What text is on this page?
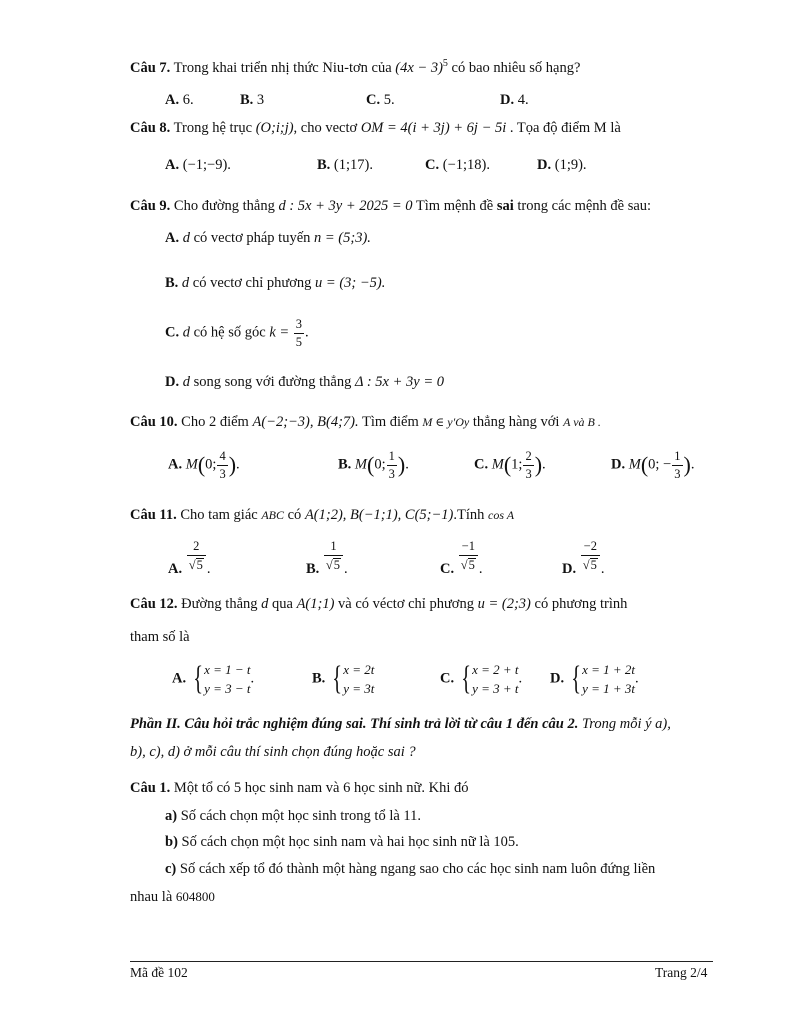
Câu 7. Trong khai triển nhị thức Niu-tơn của $(4x - 3)^5$ có bao nhiêu số hạng?
A. 6.	B. 3	C. 5.	D. 4.
Câu 8. Trong hệ trục (O;i;j), cho vectơ OM = 4(i + 3j) + 6j − 5i . Tọa độ điểm M là
A. (−1;−9).	B. (1;17).	C. (−1;18).	D. (1;9).
Câu 9. Cho đường thẳng d : 5x + 3y + 2025 = 0 Tìm mệnh đề sai trong các mệnh đề sau:
A. d có vectơ pháp tuyến n = (5;3).
B. d có vectơ chỉ phương u = (3; −5).
C. d có hệ số góc $k = \frac{3}{5}$ .
D. d song song với đường thẳng Δ : 5x + 3y = 0
Câu 10. Cho 2 điểm A(−2;−3), B(4;7). Tìm điểm M ∈ y′Oy thẳng hàng với A và B .
A. M(0; $\frac{4}{3}$ ).	B. M(0; $\frac{1}{3}$ ).	C. M(1; $\frac{2}{3}$ ).	D. M(0; − $\frac{1}{3}$ ).
Câu 11. Cho tam giác ABC có A(1;2), B(−1;1), C(5;−1).Tính cos A
A. $\frac{2}{√5}$ .	B. $\frac{1}{√5}$ .	C. $\frac{-1}{√5}$ .	D. $\frac{-2}{√5}$ .
Câu 12. Đường thẳng d qua A(1;1) và có véctơ chỉ phương u = (2;3) có phương trình
tham số là
A. { x = 1 − t
y = 3 − t
.	B. { x = 2t
y = 3t
C. { x = 2 + t
y = 3 + t
. D. { x = 1 + 2t
y = 1 + 3t
.
Phần II. Câu hỏi trắc nghiệm đúng sai. Thí sinh trả lời từ câu 1 đến câu 2. Trong mỗi ý a),
b), c), d) ở mỗi câu thí sinh chọn đúng hoặc sai ?
Câu 1. Một tổ có 5 học sinh nam và 6 học sinh nữ. Khi đó
a) Số cách chọn một học sinh trong tổ là 11.
b) Số cách chọn một học sinh nam và hai học sinh nữ là 105.
c) Số cách xếp tổ đó thành một hàng ngang sao cho các học sinh nam luôn đứng liền
nhau là 604800
Mã đề 102	Trang 2/4
